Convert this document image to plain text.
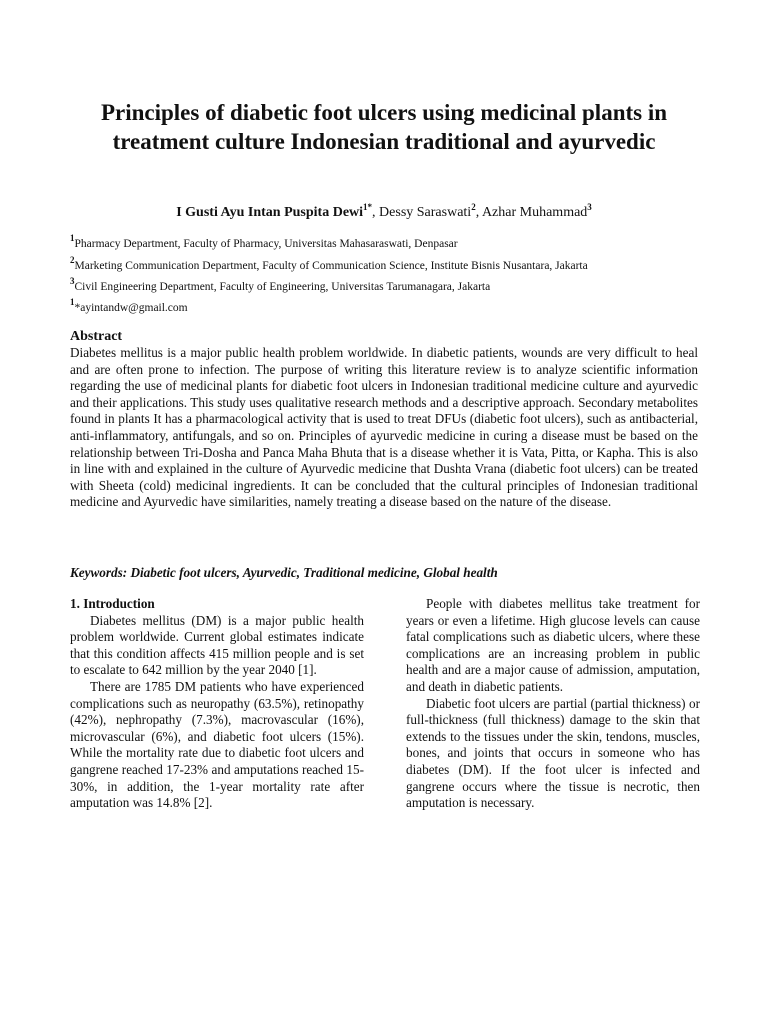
Principles of diabetic foot ulcers using medicinal plants in treatment culture Indonesian traditional and ayurvedic
I Gusti Ayu Intan Puspita Dewi$^{1*}$, Dessy Saraswati$^2$, Azhar Muhammad$^3$
$^1$Pharmacy Department, Faculty of Pharmacy, Universitas Mahasaraswati, Denpasar
$^2$Marketing Communication Department, Faculty of Communication Science, Institute Bisnis Nusantara, Jakarta
$^3$Civil Engineering Department, Faculty of Engineering, Universitas Tarumanagara, Jakarta
$^1$*ayintandw@gmail.com
Abstract

Diabetes mellitus is a major public health problem worldwide. In diabetic patients, wounds are very difficult to heal and are often prone to infection. The purpose of writing this literature review is to analyze scientific information regarding the use of medicinal plants for diabetic foot ulcers in Indonesian traditional medicine culture and ayurvedic and their applications. This study uses qualitative research methods and a descriptive approach. Secondary metabolites found in plants It has a pharmacological activity that is used to treat DFUs (diabetic foot ulcers), such as antibacterial, anti-inflammatory, antifungals, and so on. Principles of ayurvedic medicine in curing a disease must be based on the relationship between Tri-Dosha and Panca Maha Bhuta that is a disease whether it is Vata, Pitta, or Kapha. This is also in line with and explained in the culture of Ayurvedic medicine that Dushta Vrana (diabetic foot ulcers) can be treated with Sheeta (cold) medicinal ingredients. It can be concluded that the cultural principles of Indonesian traditional medicine and Ayurvedic have similarities, namely treating a disease based on the nature of the disease.

Keywords: Diabetic foot ulcers, Ayurvedic, Traditional medicine, Global health
1. Introduction

Diabetes mellitus (DM) is a major public health problem worldwide. Current global estimates indicate that this condition affects 415 million people and is set to escalate to 642 million by the year 2040 [1].

There are 1785 DM patients who have experienced complications such as neuropathy (63.5%), retinopathy (42%), nephropathy (7.3%), macrovascular (16%), microvascular (6%), and diabetic foot ulcers (15%). While the mortality rate due to diabetic foot ulcers and gangrene reached 17-23% and amputations reached 15-30%, in addition, the 1-year mortality rate after amputation was 14.8% [2].

People with diabetes mellitus take treatment for years or even a lifetime. High glucose levels can cause fatal complications such as diabetic ulcers, where these complications are an increasing problem in public health and are a major cause of admission, amputation, and death in diabetic patients.

Diabetic foot ulcers are partial (partial thickness) or full-thickness (full thickness) damage to the skin that extends to the tissues under the skin, tendons, muscles, bones, and joints that occurs in someone who has diabetes (DM). If the foot ulcer is infected and gangrene occurs where the tissue is necrotic, then amputation is necessary.
